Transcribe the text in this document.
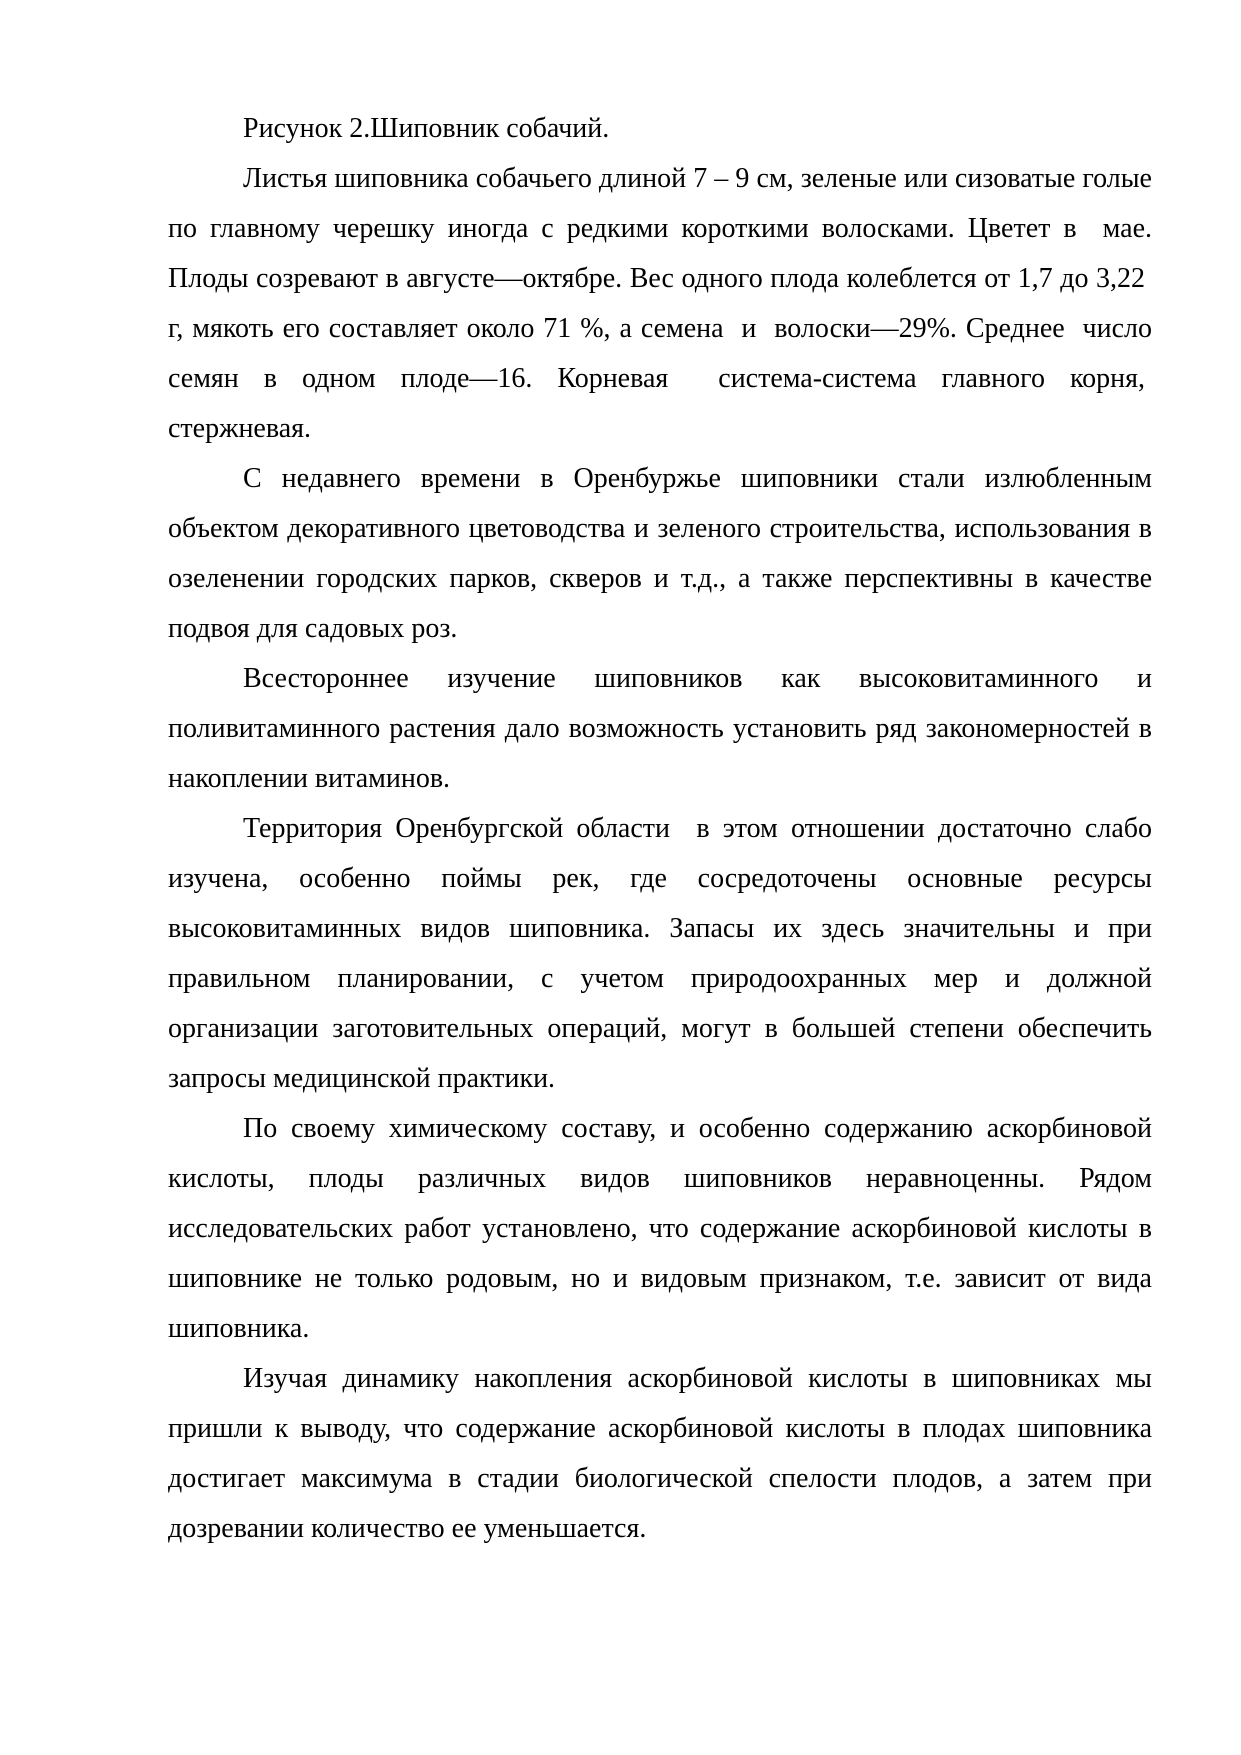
Рисунок 2.Шиповник собачий.

Листья шиповника собачьего длиной 7 – 9 см, зеленые или сизоватые голые по главному черешку иногда с редкими короткими волосками. Цветет в  мае. Плоды созревают в августе—октябре. Вес одного плода колеблется от 1,7 до 3,22  г, мякоть его составляет около 71 %, а семена  и  волоски—29%. Среднее  число семян в одном плоде—16. Корневая  система-система главного корня,  стержневая.

С недавнего времени в Оренбуржье шиповники стали излюбленным объектом декоративного цветоводства и зеленого строительства, использования в озеленении городских парков, скверов и т.д., а также перспективны в качестве подвоя для садовых роз.

Всестороннее изучение шиповников как высоковитаминного и поливитаминного растения дало возможность установить ряд закономерностей в накоплении витаминов.

Территория Оренбургской области  в этом отношении достаточно слабо изучена, особенно поймы рек, где сосредоточены основные ресурсы высоковитаминных видов шиповника. Запасы их здесь значительны и при правильном планировании, с учетом природоохранных мер и должной организации заготовительных операций, могут в большей степени обеспечить запросы медицинской практики.

По своему химическому составу, и особенно содержанию аскорбиновой кислоты, плоды различных видов шиповников неравноценны. Рядом исследовательских работ установлено, что содержание аскорбиновой кислоты в шиповнике не только родовым, но и видовым признаком, т.е. зависит от вида шиповника.

Изучая динамику накопления аскорбиновой кислоты в шиповниках мы пришли к выводу, что содержание аскорбиновой кислоты в плодах шиповника достигает максимума в стадии биологической спелости плодов, а затем при дозревании количество ее уменьшается.
